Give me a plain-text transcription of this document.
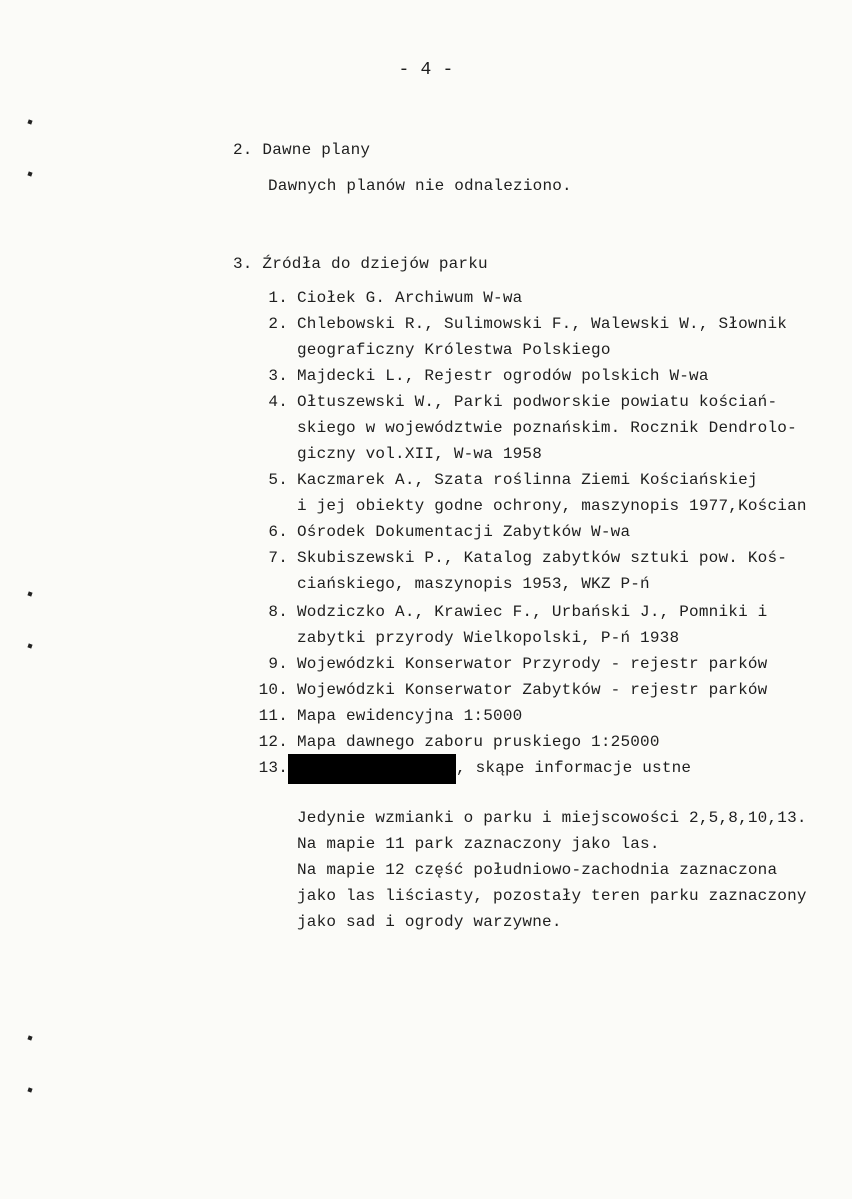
- 4 -
2. Dawne plany
Dawnych planów nie odnaleziono.
3. Źródła do dziejów parku
1. Ciołek G. Archiwum W-wa
2. Chlebowski R., Sulimowski F., Walewski W., Słownik
geograficzny Królestwa Polskiego
3. Majdecki L., Rejestr ogrodów polskich W-wa
4. Ołtuszewski W., Parki podworskie powiatu kościań-
skiego w województwie poznańskim. Rocznik Dendrolo-
giczny vol.XII, W-wa 1958
5. Kaczmarek A., Szata roślinna Ziemi Kościańskiej
i jej obiekty godne ochrony, maszynopis 1977,Kościan
6. Ośrodek Dokumentacji Zabytków W-wa
7. Skubiszewski P., Katalog zabytków sztuki pow. Koś-
ciańskiego, maszynopis 1953, WKZ P-ń
8. Wodziczko A., Krawiec F., Urbański J., Pomniki i
zabytki przyrody Wielkopolski, P-ń 1938
9. Wojewódzki Konserwator Przyrody - rejestr parków
10. Wojewódzki Konserwator Zabytków - rejestr parków
11. Mapa ewidencyjna 1:5000
12. Mapa dawnego zaboru pruskiego 1:25000
13.	, skąpe informacje ustne
Jedynie wzmianki o parku i miejscowości 2,5,8,10,13.
Na mapie 11 park zaznaczony jako las.
Na mapie 12 część południowo-zachodnia zaznaczona
jako las liściasty, pozostały teren parku zaznaczony
jako sad i ogrody warzywne.
